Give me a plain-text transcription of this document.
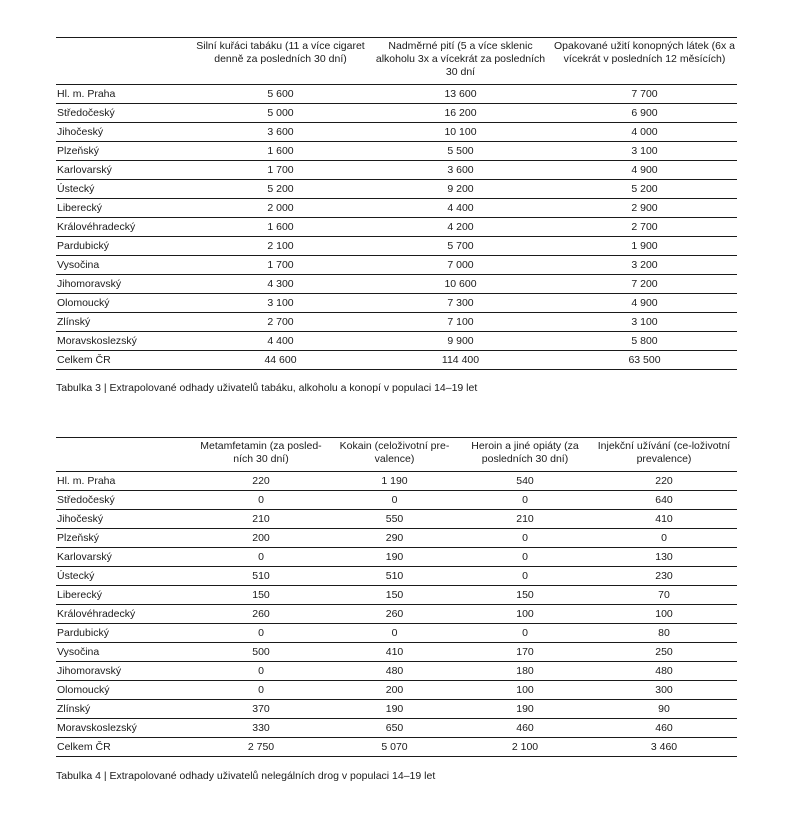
	Silní kuřáci tabáku (11 a více cigaret denně za posledních 30 dní)	Nadměrné pití (5 a více sklenic alkoholu 3x a vícekrát za posledních 30 dní	Opakované užití konopných látek (6x a vícekrát v posledních 12 měsících)
Hl. m. Praha	5 600	13 600	7 700
Středočeský	5 000	16 200	6 900
Jihočeský	3 600	10 100	4 000
Plzeňský	1 600	5 500	3 100
Karlovarský	1 700	3 600	4 900
Ústecký	5 200	9 200	5 200
Liberecký	2 000	4 400	2 900
Královéhradecký	1 600	4 200	2 700
Pardubický	2 100	5 700	1 900
Vysočina	1 700	7 000	3 200
Jihomoravský	4 300	10 600	7 200
Olomoucký	3 100	7 300	4 900
Zlínský	2 700	7 100	3 100
Moravskoslezský	4 400	9 900	5 800
Celkem ČR	44 600	114 400	63 500
Tabulka 3 | Extrapolované odhady uživatelů tabáku, alkoholu a konopí v populaci 14–19 let
	Metamfetamin (za posled-ních 30 dní)	Kokain (celoživotní pre-valence)	Heroin a jiné opiáty (za posledních 30 dní)	Injekční užívání (ce-loživotní prevalence)
Hl. m. Praha	220	1 190	540	220
Středočeský	0	0	0	640
Jihočeský	210	550	210	410
Plzeňský	200	290	0	0
Karlovarský	0	190	0	130
Ústecký	510	510	0	230
Liberecký	150	150	150	70
Královéhradecký	260	260	100	100
Pardubický	0	0	0	80
Vysočina	500	410	170	250
Jihomoravský	0	480	180	480
Olomoucký	0	200	100	300
Zlínský	370	190	190	90
Moravskoslezský	330	650	460	460
Celkem ČR	2 750	5 070	2 100	3 460
Tabulka 4 | Extrapolované odhady uživatelů nelegálních drog v populaci 14–19 let
